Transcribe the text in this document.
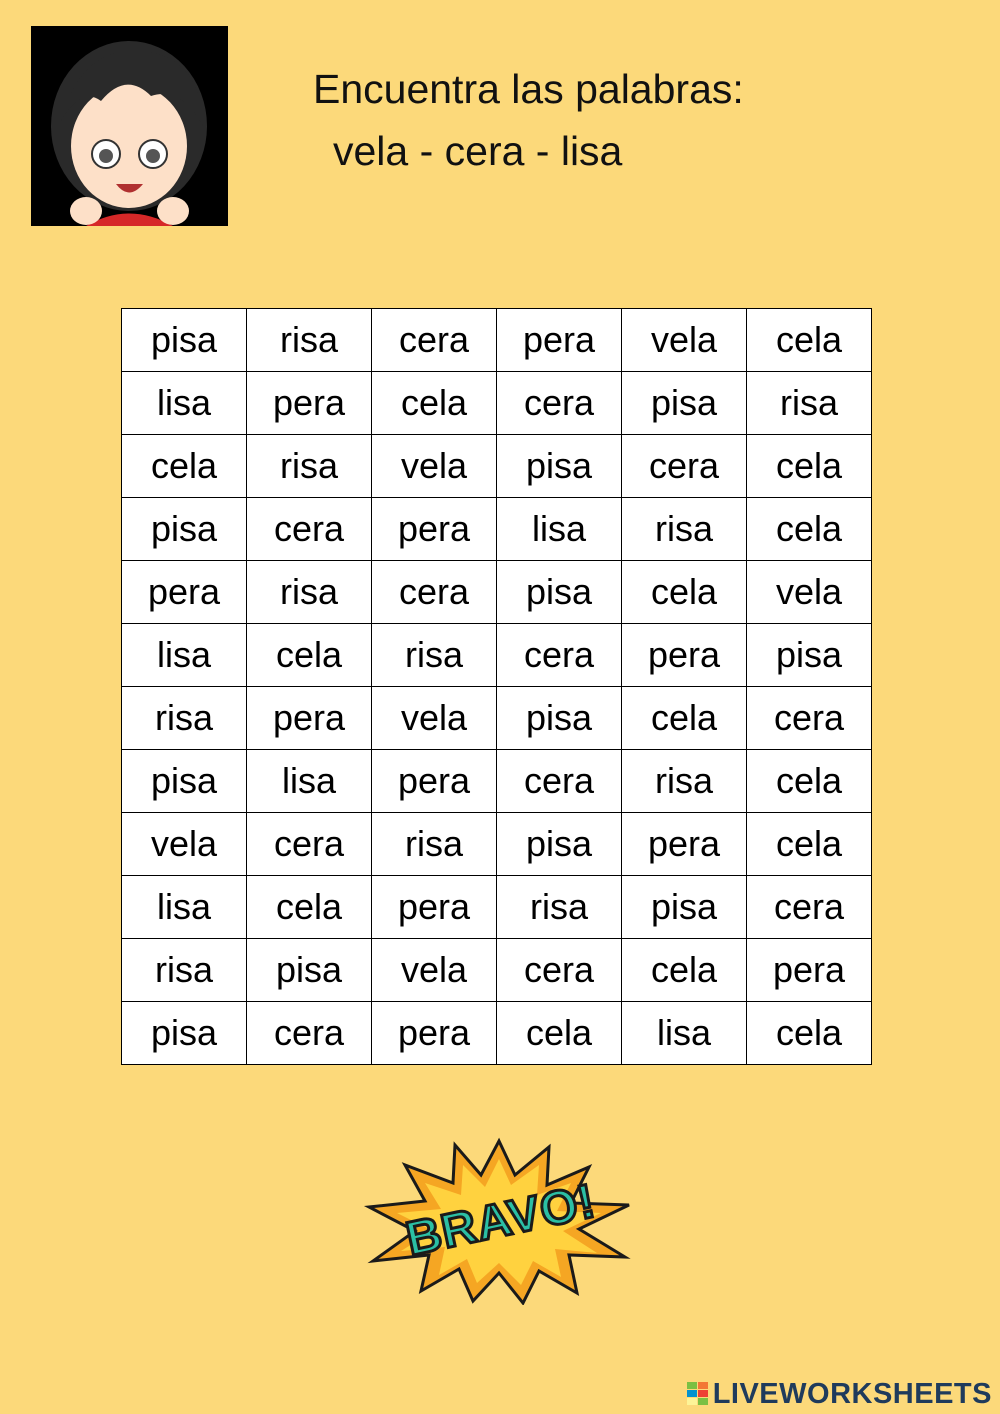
Encuentra las palabras:
vela - cera - lisa
pisa	risa	cera	pera	vela	cela
lisa	pera	cela	cera	pisa	risa
cela	risa	vela	pisa	cera	cela
pisa	cera	pera	lisa	risa	cela
pera	risa	cera	pisa	cela	vela
lisa	cela	risa	cera	pera	pisa
risa	pera	vela	pisa	cela	cera
pisa	lisa	pera	cera	risa	cela
vela	cera	risa	pisa	pera	cela
lisa	cela	pera	risa	pisa	cera
risa	pisa	vela	cera	cela	pera
pisa	cera	pera	cela	lisa	cela
BRAVO!
LIVEWORKSHEETS
